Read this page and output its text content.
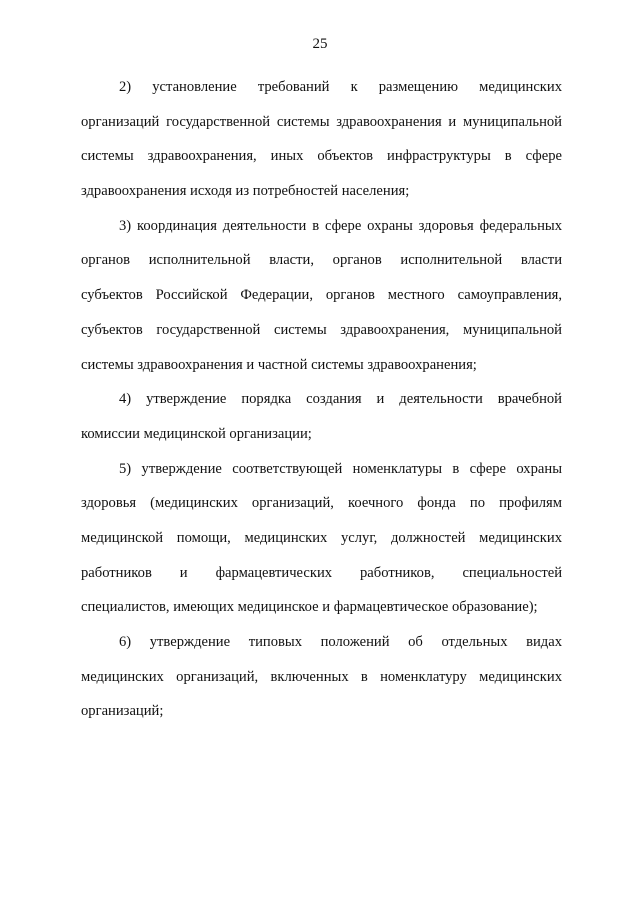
25
2) установление требований к размещению медицинских
организаций государственной системы здравоохранения и муниципальной
системы здравоохранения, иных объектов инфраструктуры в сфере
здравоохранения исходя из потребностей населения;
3) координация деятельности в сфере охраны здоровья федеральных
органов исполнительной власти, органов исполнительной власти
субъектов Российской Федерации, органов местного самоуправления,
субъектов государственной системы здравоохранения, муниципальной
системы здравоохранения и частной системы здравоохранения;
4) утверждение порядка создания и деятельности врачебной
комиссии медицинской организации;
5) утверждение соответствующей номенклатуры в сфере охраны
здоровья (медицинских организаций, коечного фонда по профилям
медицинской помощи, медицинских услуг, должностей медицинских
работников и фармацевтических работников, специальностей
специалистов, имеющих медицинское и фармацевтическое образование);
6) утверждение типовых положений об отдельных видах
медицинских организаций, включенных в номенклатуру медицинских
организаций;
